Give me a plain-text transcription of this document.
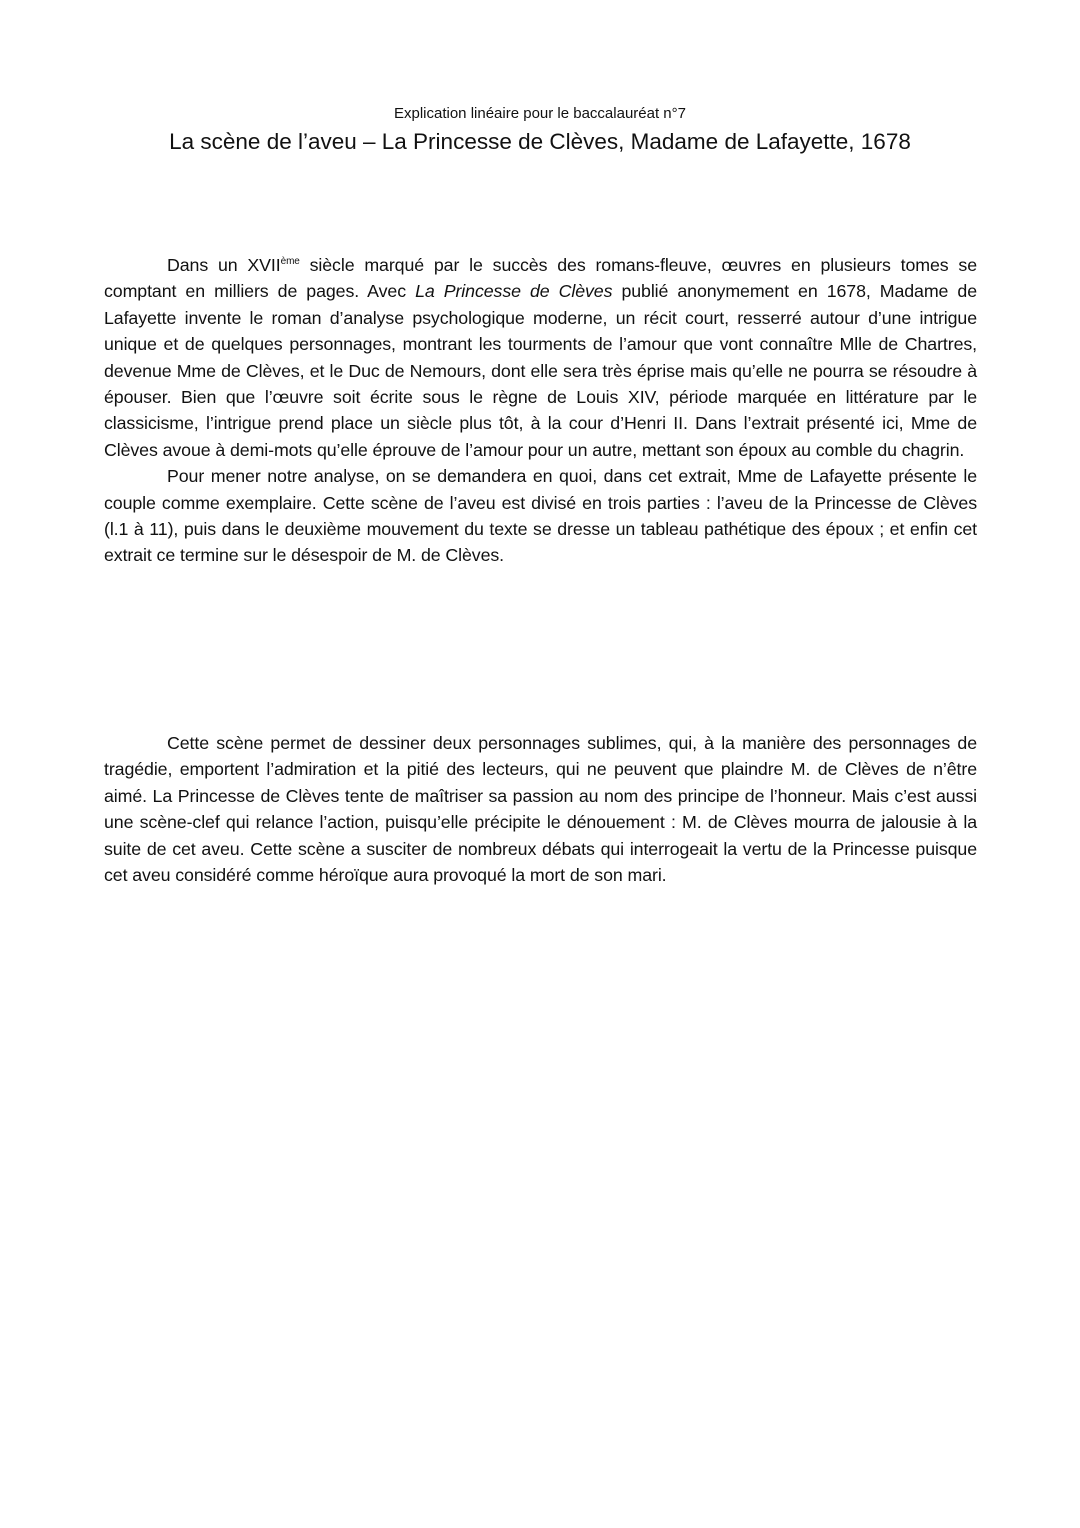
Explication linéaire pour le baccalauréat n°7
La scène de l’aveu – La Princesse de Clèves, Madame de Lafayette, 1678

Dans un XVIIème siècle marqué par le succès des romans-fleuve, œuvres en plusieurs tomes se comptant en milliers de pages. Avec La Princesse de Clèves publié anonymement en 1678, Madame de Lafayette invente le roman d’analyse psychologique moderne, un récit court, resserré autour d’une intrigue unique et de quelques personnages, montrant les tourments de l’amour que vont connaître Mlle de Chartres, devenue Mme de Clèves, et le Duc de Nemours, dont elle sera très éprise mais qu’elle ne pourra se résoudre à épouser. Bien que l’œuvre soit écrite sous le règne de Louis XIV, période marquée en littérature par le classicisme, l’intrigue prend place un siècle plus tôt, à la cour d’Henri II. Dans l’extrait présenté ici, Mme de Clèves avoue à demi-mots qu’elle éprouve de l’amour pour un autre, mettant son époux au comble du chagrin.

Pour mener notre analyse, on se demandera en quoi, dans cet extrait, Mme de Lafayette présente le couple comme exemplaire. Cette scène de l’aveu est divisé en trois parties : l’aveu de la Princesse de Clèves (l.1 à 11), puis dans le deuxième mouvement du texte se dresse un tableau pathétique des époux ; et enfin cet extrait ce termine sur le désespoir de M. de Clèves.

Cette scène permet de dessiner deux personnages sublimes, qui, à la manière des personnages de tragédie, emportent l’admiration et la pitié des lecteurs, qui ne peuvent que plaindre M. de Clèves de n’être aimé. La Princesse de Clèves tente de maîtriser sa passion au nom des principe de l’honneur. Mais c’est aussi une scène-clef qui relance l’action, puisqu’elle précipite le dénouement : M. de Clèves mourra de jalousie à la suite de cet aveu. Cette scène a susciter de nombreux débats qui interrogeait la vertu de la Princesse puisque cet aveu considéré comme héroïque aura provoqué la mort de son mari.
